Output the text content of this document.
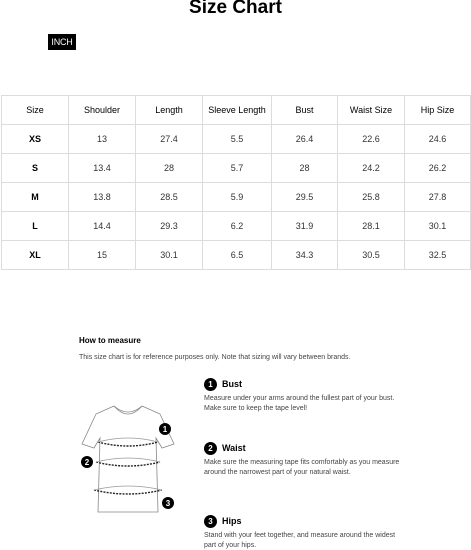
Size Chart
INCH
Size	Shoulder	Length	Sleeve Length	Bust	Waist Size	Hip Size
XS	13	27.4	5.5	26.4	22.6	24.6
S	13.4	28	5.7	28	24.2	26.2
M	13.8	28.5	5.9	29.5	25.8	27.8
L	14.4	29.3	6.2	31.9	28.1	30.1
XL	15	30.1	6.5	34.3	30.5	32.5
How to measure
This size chart is for reference purposes only. Note that sizing will vary between brands.
1
2
3
1	Bust
Measure under your arms around the fullest part of your bust. Make sure to keep the tape level!
2	Waist
Make sure the measuring tape fits comfortably as you measure around the narrowest part of your natural waist.
3	Hips
Stand with your feet together, and measure around the widest part of your hips.
